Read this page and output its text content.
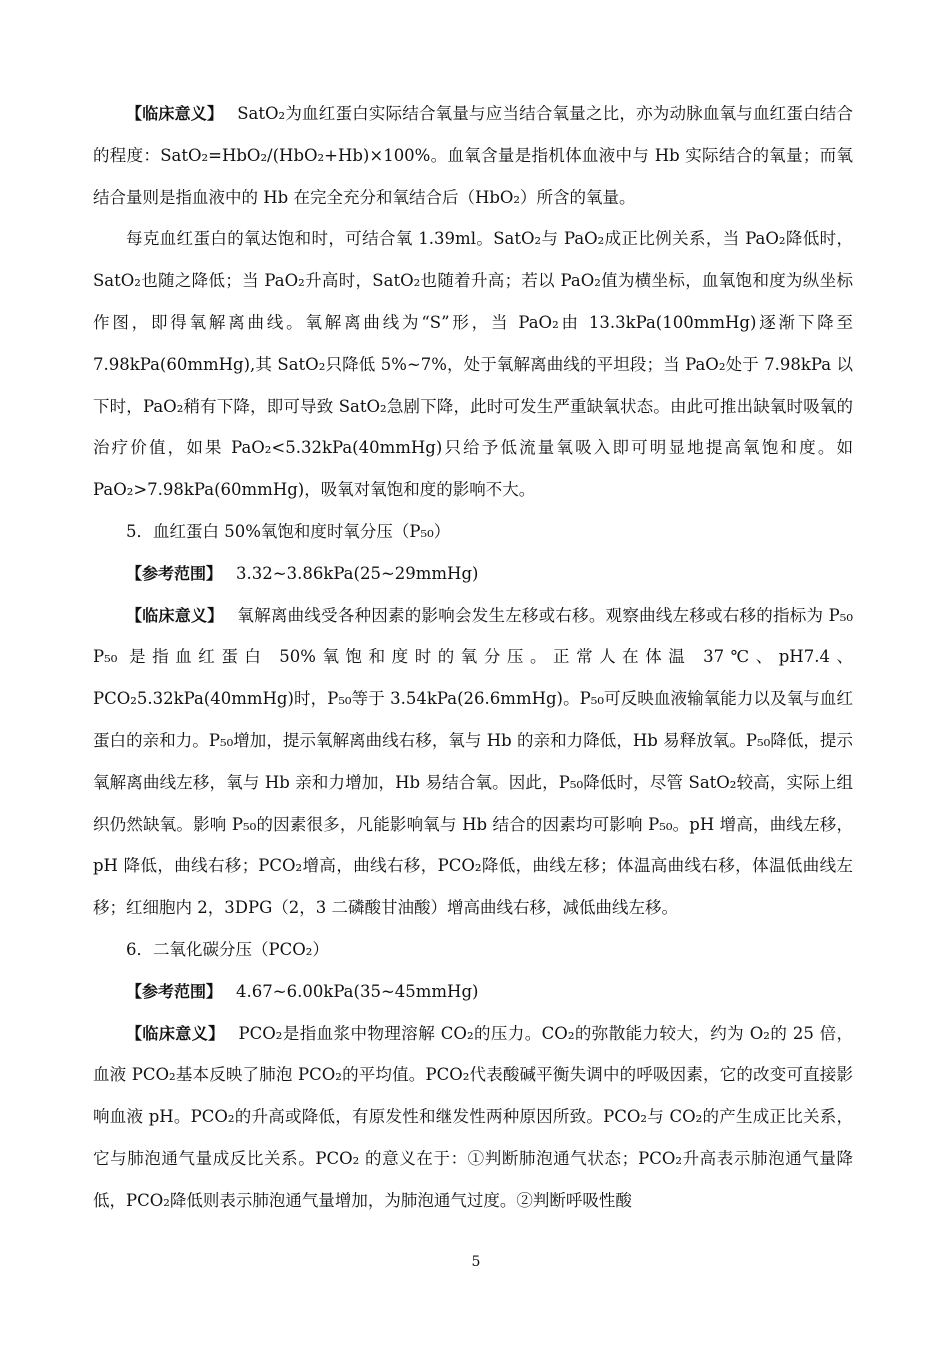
【临床意义】 SatO₂为血红蛋白实际结合氧量与应当结合氧量之比，亦为动脉血氧与血红蛋白结合的程度：SatO₂=HbO₂/(HbO₂+Hb)×100%。血氧含量是指机体血液中与 Hb 实际结合的氧量；而氧结合量则是指血液中的 Hb 在完全充分和氧结合后（HbO₂）所含的氧量。

每克血红蛋白的氧达饱和时，可结合氧 1.39ml。SatO₂与 PaO₂成正比例关系，当 PaO₂降低时，SatO₂也随之降低；当 PaO₂升高时，SatO₂也随着升高；若以 PaO₂值为横坐标，血氧饱和度为纵坐标作图，即得氧解离曲线。氧解离曲线为“S”形，当 PaO₂由 13.3kPa(100mmHg)逐渐下降至 7.98kPa(60mmHg),其 SatO₂只降低 5%~7%，处于氧解离曲线的平坦段；当 PaO₂处于 7.98kPa 以下时，PaO₂稍有下降，即可导致 SatO₂急剧下降，此时可发生严重缺氧状态。由此可推出缺氧时吸氧的治疗价值，如果 PaO₂<5.32kPa(40mmHg)只给予低流量氧吸入即可明显地提高氧饱和度。如 PaO₂>7.98kPa(60mmHg)，吸氧对氧饱和度的影响不大。

5．血红蛋白 50%氧饱和度时氧分压（P₅₀）

【参考范围】 3.32~3.86kPa(25~29mmHg)

【临床意义】 氧解离曲线受各种因素的影响会发生左移或右移。观察曲线左移或右移的指标为 P₅₀ P₅₀ 是指血红蛋白 50%氧饱和度时的氧分压。正常人在体温 37℃、pH7.4、PCO₂5.32kPa(40mmHg)时，P₅₀等于 3.54kPa(26.6mmHg)。P₅₀可反映血液输氧能力以及氧与血红蛋白的亲和力。P₅₀增加，提示氧解离曲线右移，氧与 Hb 的亲和力降低，Hb 易释放氧。P₅₀降低，提示氧解离曲线左移，氧与 Hb 亲和力增加，Hb 易结合氧。因此，P₅₀降低时，尽管 SatO₂较高，实际上组织仍然缺氧。影响 P₅₀的因素很多，凡能影响氧与 Hb 结合的因素均可影响 P₅₀。pH 增高，曲线左移，pH 降低，曲线右移；PCO₂增高，曲线右移，PCO₂降低，曲线左移；体温高曲线右移，体温低曲线左移；红细胞内 2，3DPG（2，3 二磷酸甘油酸）增高曲线右移，减低曲线左移。

6．二氧化碳分压（PCO₂）

【参考范围】 4.67~6.00kPa(35~45mmHg)

【临床意义】 PCO₂是指血浆中物理溶解 CO₂的压力。CO₂的弥散能力较大，约为 O₂的 25 倍，血液 PCO₂基本反映了肺泡 PCO₂的平均值。PCO₂代表酸碱平衡失调中的呼吸因素，它的改变可直接影响血液 pH。PCO₂的升高或降低，有原发性和继发性两种原因所致。PCO₂与 CO₂的产生成正比关系，它与肺泡通气量成反比关系。PCO₂ 的意义在于：①判断肺泡通气状态；PCO₂升高表示肺泡通气量降低，PCO₂降低则表示肺泡通气量增加，为肺泡通气过度。②判断呼吸性酸

5
